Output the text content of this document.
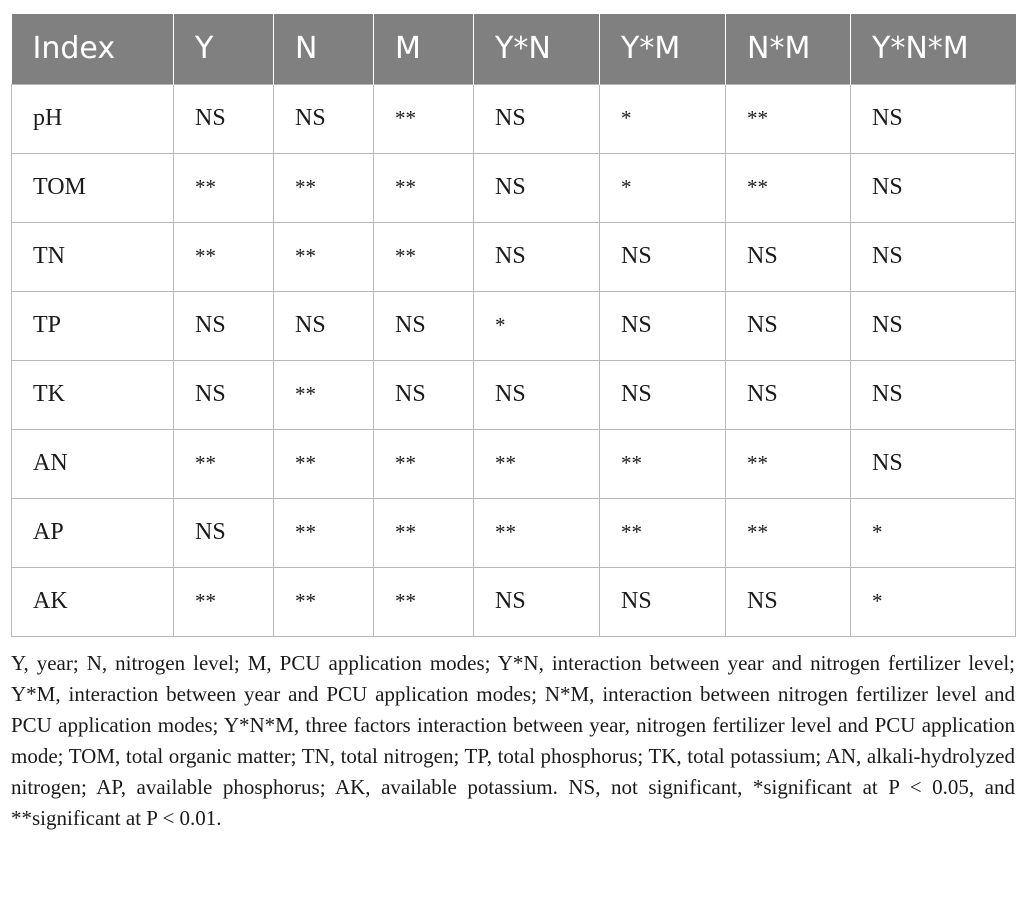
Index	Y	N	M	Y*N	Y*M	N*M	Y*N*M
pH	NS	NS	**	NS	*	**	NS
TOM	**	**	**	NS	*	**	NS
TN	**	**	**	NS	NS	NS	NS
TP	NS	NS	NS	*	NS	NS	NS
TK	NS	**	NS	NS	NS	NS	NS
AN	**	**	**	**	**	**	NS
AP	NS	**	**	**	**	**	*
AK	**	**	**	NS	NS	NS	*

Y, year; N, nitrogen level; M, PCU application modes; Y*N, interaction between year and nitrogen fertilizer level; Y*M, interaction between year and PCU application modes; N*M, interaction between nitrogen fertilizer level and PCU application modes; Y*N*M, three factors interaction between year, nitrogen fertilizer level and PCU application mode; TOM, total organic matter; TN, total nitrogen; TP, total phosphorus; TK, total potassium; AN, alkali-hydrolyzed nitrogen; AP, available phosphorus; AK, available potassium. NS, not significant, *significant at P < 0.05, and **significant at P < 0.01.
